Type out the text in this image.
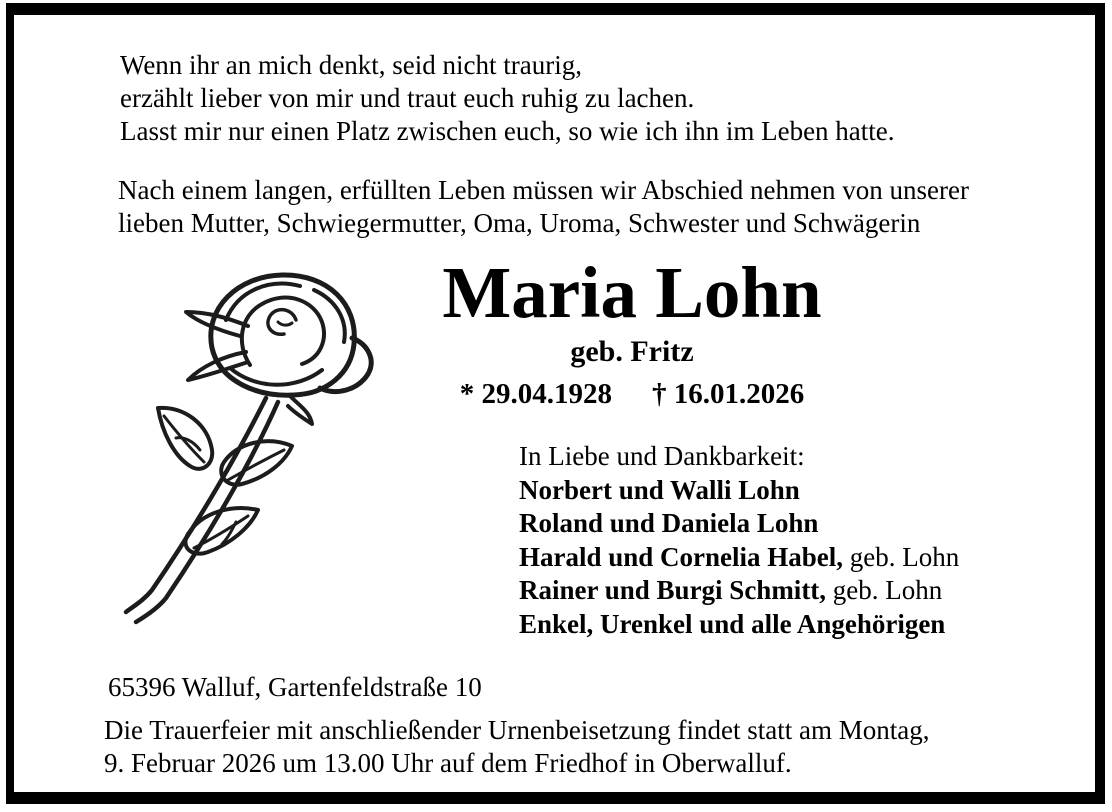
Wenn ihr an mich denkt, seid nicht traurig,
erzählt lieber von mir und traut euch ruhig zu lachen.
Lasst mir nur einen Platz zwischen euch, so wie ich ihn im Leben hatte.
Nach einem langen, erfüllten Leben müssen wir Abschied nehmen von unserer
lieben Mutter, Schwiegermutter, Oma, Uroma, Schwester und Schwägerin
Maria Lohn
geb. Fritz
* 29.04.1928 † 16.01.2026
In Liebe und Dankbarkeit:
Norbert und Walli Lohn
Roland und Daniela Lohn
Harald und Cornelia Habel, geb. Lohn
Rainer und Burgi Schmitt, geb. Lohn
Enkel, Urenkel und alle Angehörigen
65396 Walluf, Gartenfeldstraße 10
Die Trauerfeier mit anschließender Urnenbeisetzung findet statt am Montag,
9. Februar 2026 um 13.00 Uhr auf dem Friedhof in Oberwalluf.
